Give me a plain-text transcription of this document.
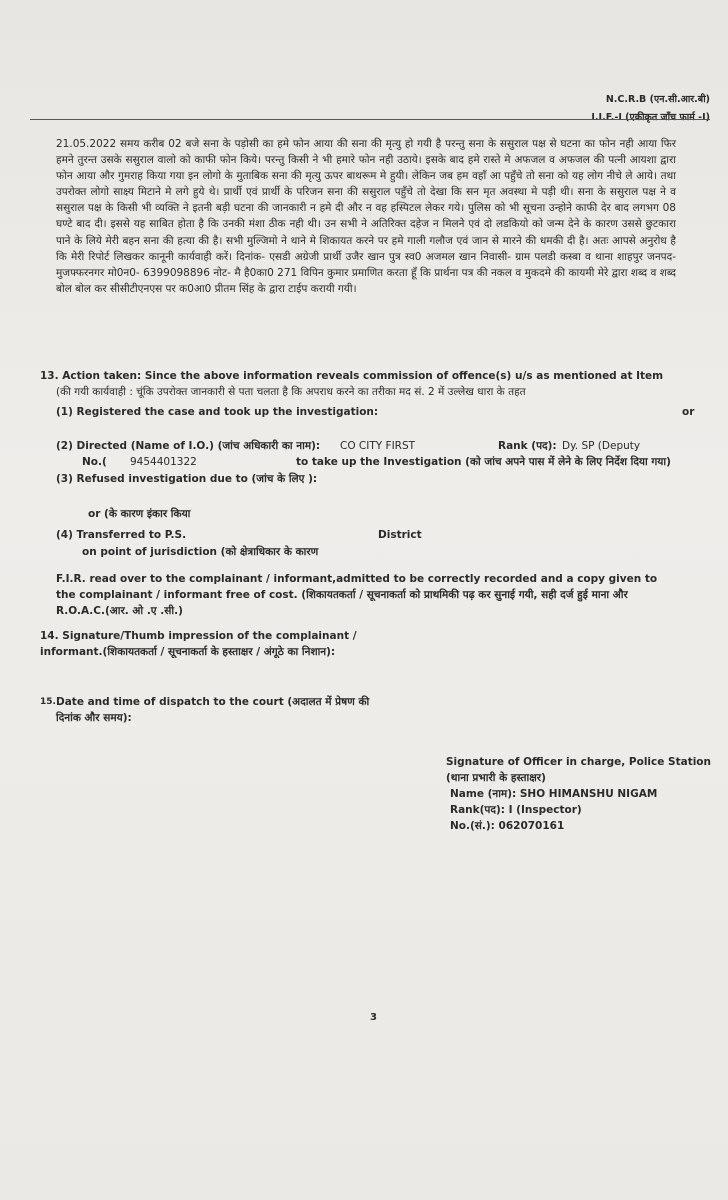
N.C.R.B (एन.सी.आर.बी)
I.I.F.-I (एकीकृत जाँच फार्म -I)

21.05.2022 समय करीब 02 बजे सना के पड़ोसी का हमे फोन आया की सना की मृत्यु हो गयी है परन्तु सना के ससुराल पक्ष से घटना का फोन नही आया फिर हमने तुरन्त उसके ससुराल वालो को काफी फोन किये। परन्तु किसी ने भी हमारे फोन नही उठाये। इसके बाद हमे रास्ते मे अफजल व अफजल की पत्नी आयशा द्वारा फोन आया और गुमराह किया गया इन लोगो के मुताबिक सना की मृत्यु ऊपर बाथरूम मे हुयी। लेकिन जब हम वहाँ आ पहुँचे तो सना को यह लोग नीचे ले आये। तथा उपरोक्त लोगो साक्ष्य मिटाने मे लगे हुये थे। प्रार्थी एवं प्रार्थी के परिजन सना की ससुराल पहुँचे तो देखा कि सन मृत अवस्था मे पड़ी थी। सना के ससुराल पक्ष ने व ससुराल पक्ष के किसी भी व्यक्ति ने इतनी बड़ी घटना की जानकारी न हमे दी और न वह हस्पिटल लेकर गये। पुलिस को भी सूचना उन्होने काफी देर बाद लगभग 08 घण्टे बाद दी। इससे यह साबित होता है कि उनकी मंशा ठीक नही थी। उन सभी ने अतिरिक्त दहेज न मिलने एवं दो लडकियो को जन्म देने के कारण उससे छुटकारा पाने के लिये मेरी बहन सना की हत्या की है। सभी मुल्जिमो ने थाने मे शिकायत करने पर हमे गाली गलौज एवं जान से मारने की धमकी दी है। अतः आपसे अनुरोध है कि मेरी रिपोर्ट लिखकर कानूनी कार्यवाही करें। दिनांक- एसडी अग्रेजी प्रार्थी उजैर खान पुत्र स्व0 अजमल खान निवासी- ग्राम पलडी कस्बा व थाना शाहपुर जनपद- मुजफ्फरनगर मो0न0- 6399098896 नोट- मै है0का0 271 विपिन कुमार प्रमाणित करता हूँ कि प्रार्थना पत्र की नकल व मुकदमे की कायमी मेरे द्वारा शब्द व शब्द बोल बोल कर सीसीटीएनएस पर क0आ0 प्रीतम सिंह के द्वारा टाईप करायी गयी।

13. Action taken: Since the above information reveals commission of offence(s) u/s as mentioned at Item
(की गयी कार्यवाही : चूंकि उपरोक्त जानकारी से पता चलता है कि अपराध करने का तरीका मद सं. 2 में उल्लेख धारा के तहत
(1) Registered the case and took up the investigation:	or
(2) Directed (Name of I.O.) (जांच अधिकारी का नाम): CO CITY FIRST	Rank (पद): Dy. SP (Deputy
No.( 9454401322	to take up the Investigation (को जांच अपने पास में लेने के लिए निर्देश दिया गया)
(3) Refused investigation due to (जांच के लिए ):
or (के कारण इंकार किया
(4) Transferred to P.S.	District
on point of jurisdiction (को क्षेत्राधिकार के कारण
F.I.R. read over to the complainant / informant,admitted to be correctly recorded and a copy given to the complainant / informant free of cost. (शिकायतकर्ता / सूचनाकर्ता को प्राथमिकी पढ़ कर सुनाई गयी, सही दर्ज हुई माना और R.O.A.C.(आर. ओ .ए .सी.)
14. Signature/Thumb impression of the complainant / informant.(शिकायतकर्ता / सूचनाकर्ता के हस्ताक्षर / अंगूठे का निशान):
15. Date and time of dispatch to the court (अदालत में प्रेषण की दिनांक और समय):
Signature of Officer in charge, Police Station
(थाना प्रभारी के हस्ताक्षर)
Name (नाम): SHO HIMANSHU NIGAM
Rank(पद): I (Inspector)
No.(सं.): 062070161
3
